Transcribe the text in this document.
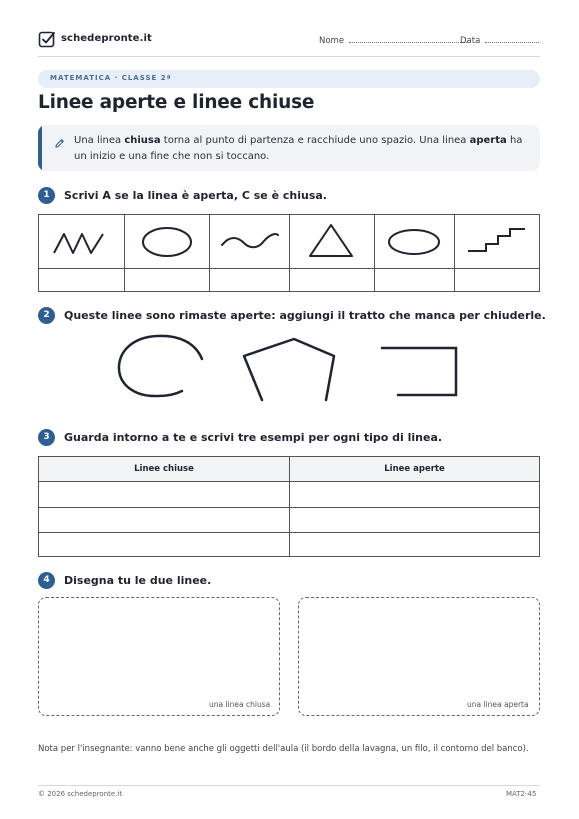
schedepronte.it	Nome	Data
MATEMATICA · CLASSE 2ª
Linee aperte e linee chiuse
Una linea chiusa torna al punto di partenza e racchiude uno spazio. Una linea aperta ha un inizio e una fine che non si toccano.
1	Scrivi A se la linea è aperta, C se è chiusa.
2	Queste linee sono rimaste aperte: aggiungi il tratto che manca per chiuderle.
3	Guarda intorno a te e scrivi tre esempi per ogni tipo di linea.
Linee chiuse	Linee aperte
4	Disegna tu le due linee.
una linea chiusa	una linea aperta
Nota per l'insegnante: vanno bene anche gli oggetti dell'aula (il bordo della lavagna, un filo, il contorno del banco).
© 2026 schedepronte.it	MAT2-45
